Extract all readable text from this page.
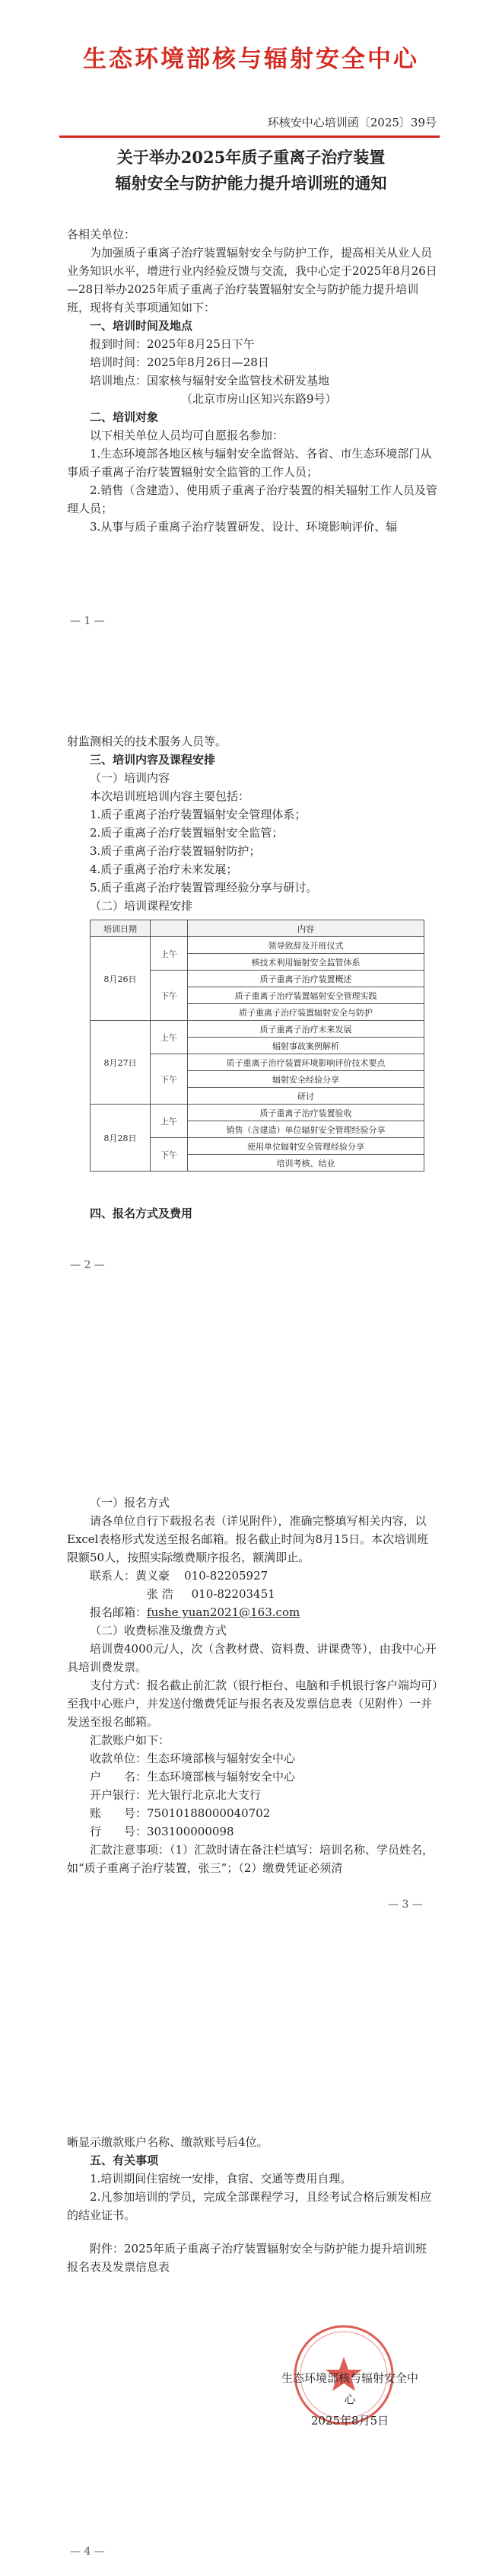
生态环境部核与辐射安全中心
环核安中心培训函〔2025〕39号
关于举办2025年质子重离子治疗装置
辐射安全与防护能力提升培训班的通知

各相关单位：

为加强质子重离子治疗装置辐射安全与防护工作，提高相关从业人员业务知识水平，增进行业内经验反馈与交流，我中心定于2025年8月26日—28日举办2025年质子重离子治疗装置辐射安全与防护能力提升培训班，现将有关事项通知如下：

一、培训时间及地点

报到时间：2025年8月25日下午

培训时间：2025年8月26日—28日

培训地点：国家核与辐射安全监管技术研发基地

（北京市房山区知兴东路9号）

二、培训对象

以下相关单位人员均可自愿报名参加：

1.生态环境部各地区核与辐射安全监督站、各省、市生态环境部门从事质子重离子治疗装置辐射安全监管的工作人员；

2.销售（含建造）、使用质子重离子治疗装置的相关辐射工作人员及管理人员；

3.从事与质子重离子治疗装置研发、设计、环境影响评价、辐

— 1 —

射监测相关的技术服务人员等。

三、培训内容及课程安排

（一）培训内容

本次培训班培训内容主要包括：

1.质子重离子治疗装置辐射安全管理体系；

2.质子重离子治疗装置辐射安全监管；

3.质子重离子治疗装置辐射防护；

4.质子重离子治疗未来发展；

5.质子重离子治疗装置管理经验分享与研讨。

（二）培训课程安排

培训日期		内容
8月26日	上午	领导致辞及开班仪式
		核技术利用辐射安全监管体系
	下午	质子重离子治疗装置概述
		质子重离子治疗装置辐射安全管理实践
		质子重离子治疗装置辐射安全与防护
8月27日	上午	质子重离子治疗未来发展
		辐射事故案例解析
	下午	质子重离子治疗装置环境影响评价技术要点
		辐射安全经验分享
		研讨
8月28日	上午	质子重离子治疗装置验收
		销售（含建造）单位辐射安全管理经验分享
	下午	使用单位辐射安全管理经验分享
		培训考核、结业

四、报名方式及费用

— 2 —

（一）报名方式

请各单位自行下载报名表（详见附件），准确完整填写相关内容，以Excel表格形式发送至报名邮箱。报名截止时间为8月15日。本次培训班限额50人，按照实际缴费顺序报名，额满即止。

联系人：黄义豪 010-82205927

张 浩 010-82203451

报名邮箱：fushe yuan2021@163.com

（二）收费标准及缴费方式

培训费4000元/人，次（含教材费、资料费、讲课费等），由我中心开具培训费发票。

支付方式：报名截止前汇款（银行柜台、电脑和手机银行客户端均可）至我中心账户，并发送付缴费凭证与报名表及发票信息表（见附件）一并发送至报名邮箱。

汇款账户如下：

收款单位：生态环境部核与辐射安全中心

户　　名：生态环境部核与辐射安全中心

开户银行：光大银行北京北大支行

账　　号：75010188000040702

行　　号：303100000098

汇款注意事项：（1）汇款时请在备注栏填写：培训名称、学员姓名，如“质子重离子治疗装置，张三”；（2）缴费凭证必须清

— 3 —

晰显示缴款账户名称、缴款账号后4位。

五、有关事项

1.培训期间住宿统一安排，食宿、交通等费用自理。

2.凡参加培训的学员，完成全部课程学习，且经考试合格后颁发相应的结业证书。

附件：2025年质子重离子治疗装置辐射安全与防护能力提升培训班报名表及发票信息表

生态环境部核与辐射安全中心
2025年8月5日
— 4 —
